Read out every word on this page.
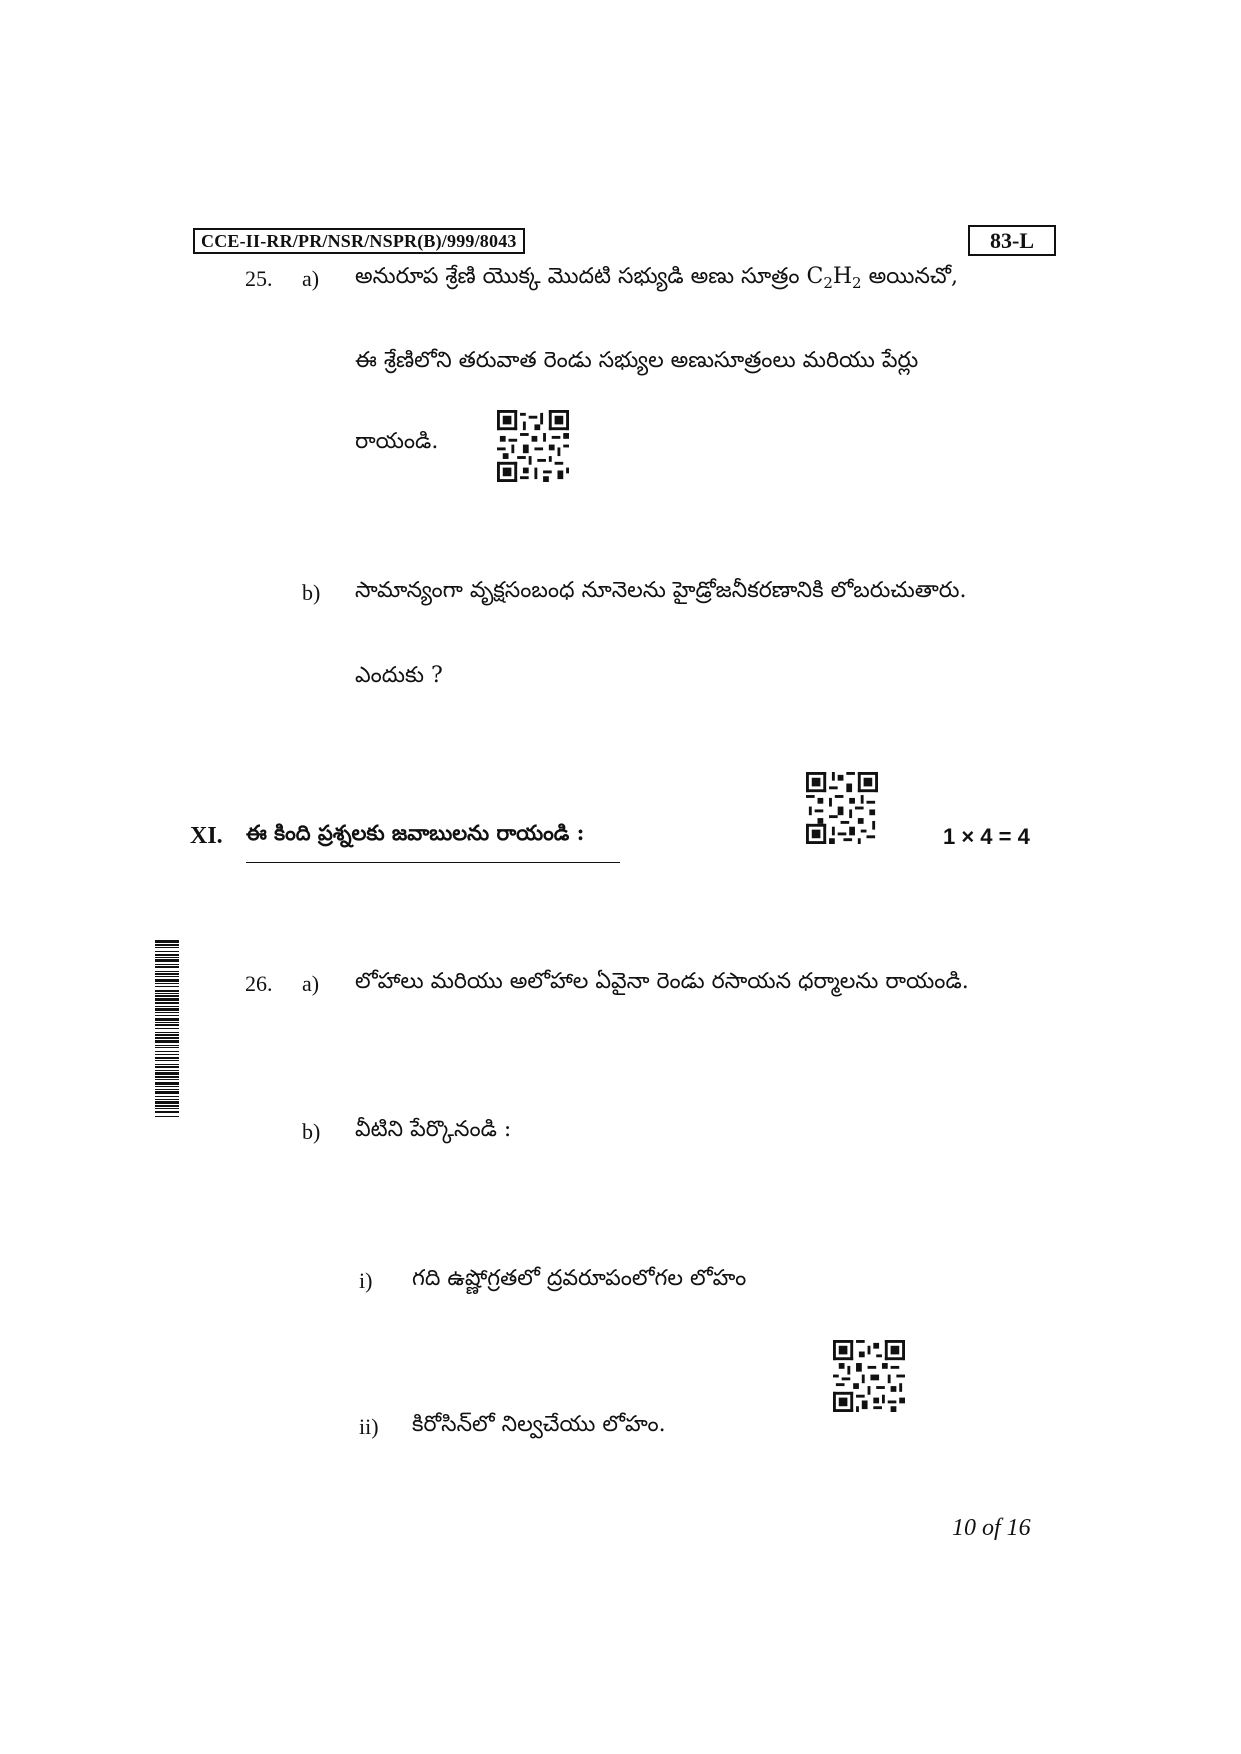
CCE-II-RR/PR/NSR/NSPR(B)/999/8043	83-L
25. a) అనురూప శ్రేణి యొక్క మొదటి సభ్యుడి అణు సూత్రం $C_2H_2$ అయినచో,
ఈ శ్రేణిలోని తరువాత రెండు సభ్యుల అణుసూత్రంలు మరియు పేర్లు
రాయండి.
b) సామాన్యంగా వృక్షసంబంధ నూనెలను హైడ్రోజనీకరణానికి లోబరుచుతారు.
ఎందుకు ?
XI. ఈ కింది ప్రశ్నలకు జవాబులను రాయండి :	1 × 4 = 4
26. a) లోహాలు మరియు అలోహాల ఏవైనా రెండు రసాయన ధర్మాలను రాయండి.
b) వీటిని పేర్కొనండి :
i) గది ఉష్ణోగ్రతలో ద్రవరూపంలోగల లోహం
ii) కిరోసిన్‌లో నిల్వచేయు లోహం.
10 of 16
